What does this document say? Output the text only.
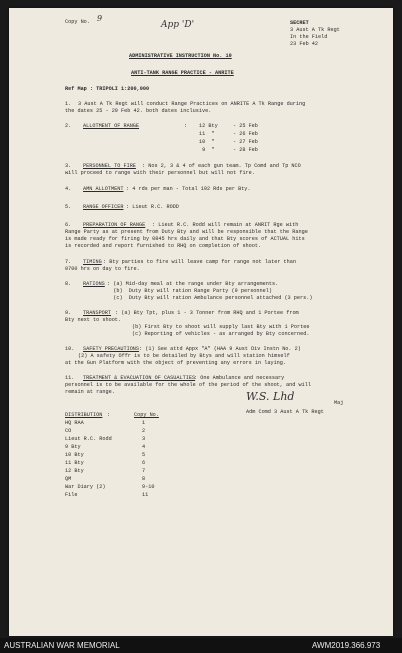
Copy No. 9
App 'D'	SECRET
3 Aust A Tk Regt
In the Field
23 Feb 42
ADMINISTRATIVE INSTRUCTION No. 10
ANTI-TANK RANGE PRACTICE - ANRITE
Ref Map : TRIPOLI 1:200,000
1. 3 Aust A Tk Regt will conduct Range Practices on ANRITE A Tk Range during
the dates 25 - 29 Feb 42. both dates inclusive.
2. ALLOTMENT OF RANGE	: 12 Bty	- 25 Feb
11  "	- 26 Feb
10  "	- 27 Feb
9  "	- 28 Feb
3. PERSONNEL TO FIRE : Nos 2, 3 & 4 of each gun team. Tp Comd and Tp NCO
will proceed to range with their personnel but will not fire.
4. AMN ALLOTMENT : 4 rds per man - Total 192 Rds per Bty.
5. RANGE OFFICER : Lieut R.C. RODD
6. PREPARATION OF RANGE : Lieut R.C. Rodd will remain at ANRIT Rge with
Range Party as at present from Duty Bty and will be responsible that the Range
is made ready for firing by 0845 hrs daily and that Bty scores of ACTUAL hits
is recorded and report furnished to RHQ on completion of shoot.
7. TIMING : Bty parties to fire will leave camp for range not later than
0700 hrs on day to fire.
8. RATIONS : (a) Mid-day meal at the range under Bty arrangements.
(b)  Duty Bty will ration Range Party (9 personnel)
(c)  Duty Bty will ration Ambulance personnel attached (3 pers.)
9. TRANSPORT : (a) Bty Tpt, plus 1 - 3 Tonner from RHQ and 1 Portee from
Bty next to shoot.
(b) First Bty to shoot will supply last Bty with 1 Portee
(c) Reporting of vehicles - as arranged by Bty concerned.
10. SAFETY PRECAUTIONS : (1) See attd Appx "A" (HAA 9 Aust Div Instn No. 2)
(2) A safety Offr is to be detailed by Btys and will station himself
at the Gun Platform with the object of preventing any errors in laying.
11. TREATMENT & EVACUATION OF CASUALTIES
: One Ambulance and necessary
personnel is to be available for the whole of the period of the shoot, and will
remain at range.	W.S. Lhd	Maj
Adm Comd 3 Aust A Tk Regt
DISTRIBUTION :	Copy No.
HQ RAA	1
CO	2
Lieut R.C. Rodd	3
9 Bty	4
10 Bty	5
11 Bty	6
12 Bty	7
QM	8
War Diary (2)	9-10
File	11
AUSTRALIAN WAR MEMORIAL	AWM2019.366.973
